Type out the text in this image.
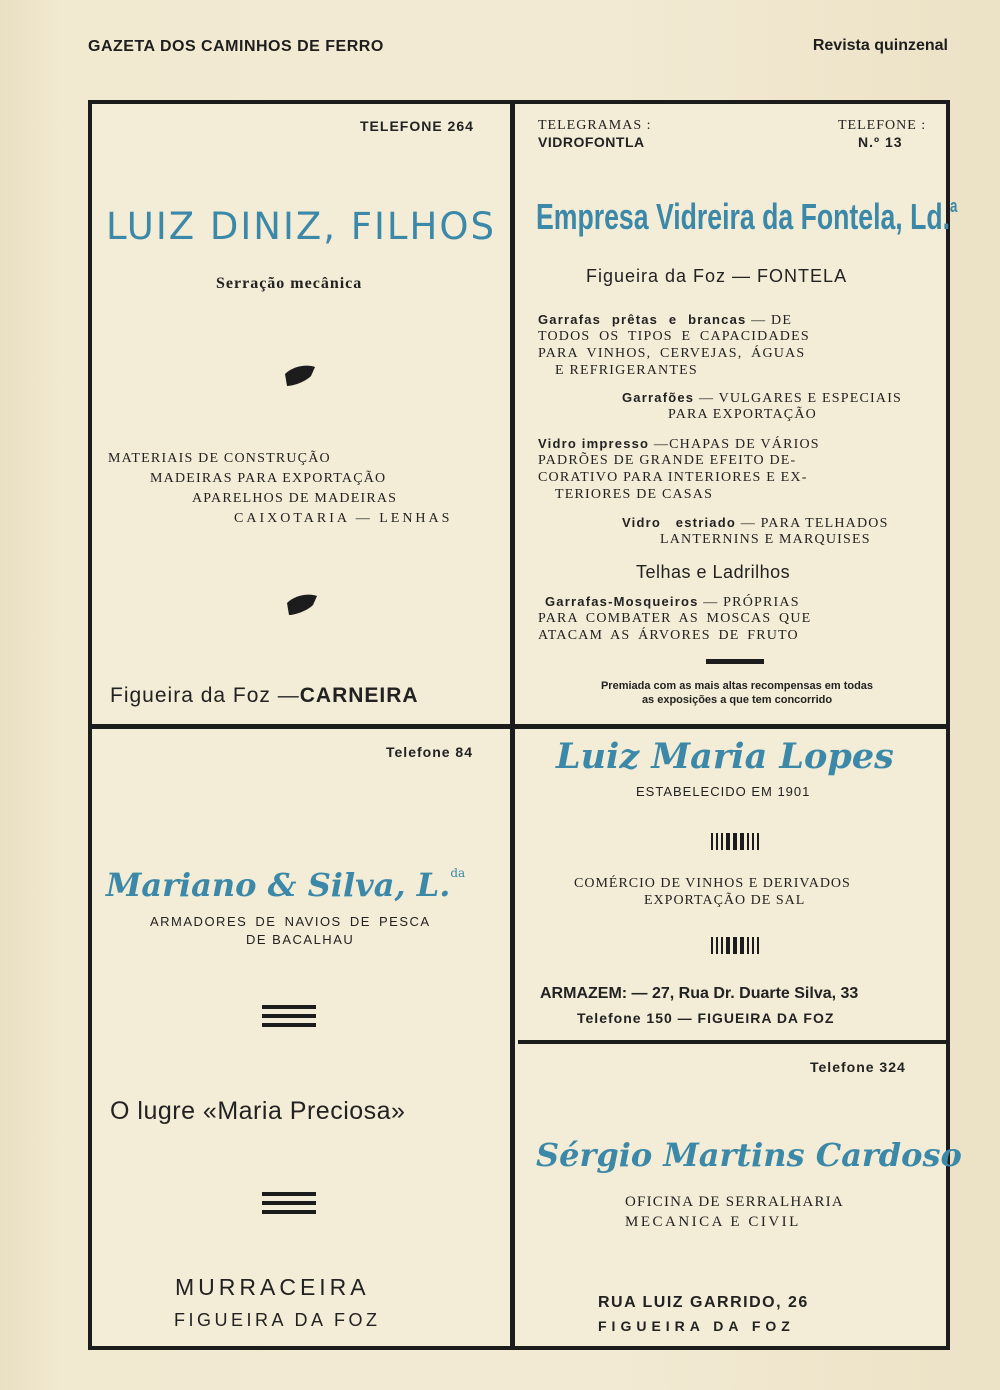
GAZETA DOS CAMINHOS DE FERRO	Revista quinzenal
TELEFONE 264
LUIZ DINIZ, FILHOS
Serração mecânica
MATERIAIS DE CONSTRUÇÃO
MADEIRAS PARA EXPORTAÇÃO
APARELHOS DE MADEIRAS
CAIXOTARIA — LENHAS
Figueira da Foz —CARNEIRA
TELEGRAMAS :
VIDROFONTLA
TELEFONE :
N.º 13
Empresa Vidreira da Fontela, Ld.$^a$
Figueira da Foz — FONTELA
Garrafas prêtas e brancas — DE
TODOS OS TIPOS E CAPACIDADES
PARA VINHOS, CERVEJAS, ÁGUAS
E REFRIGERANTES
Garrafões — VULGARES E ESPECIAIS
PARA EXPORTAÇÃO
Vidro impresso —CHAPAS DE VÁRIOS
PADRÕES DE GRANDE EFEITO DE-
CORATIVO PARA INTERIORES E EX-
TERIORES DE CASAS
Vidro estriado — PARA TELHADOS
LANTERNINS E MARQUISES
Telhas e Ladrilhos
Garrafas-Mosqueiros — PRÓPRIAS
PARA COMBATER AS MOSCAS QUE
ATACAM AS ÁRVORES DE FRUTO
Premiada com as mais altas recompensas em todas
as exposições a que tem concorrido
Telefone 84
Mariano & Silva, L.$^{da}$
ARMADORES DE NAVIOS DE PESCA
DE BACALHAU
O lugre «Maria Preciosa»
MURRACEIRA
FIGUEIRA DA FOZ
Luiz Maria Lopes
ESTABELECIDO EM 1901
COMÉRCIO DE VINHOS E DERIVADOS
EXPORTAÇÃO DE SAL
ARMAZEM: — 27, Rua Dr. Duarte Silva, 33
Telefone 150 — FIGUEIRA DA FOZ
Telefone 324
Sérgio Martins Cardoso
OFICINA DE SERRALHARIA
MECANICA E CIVIL
RUA LUIZ GARRIDO, 26
FIGUEIRA DA FOZ
